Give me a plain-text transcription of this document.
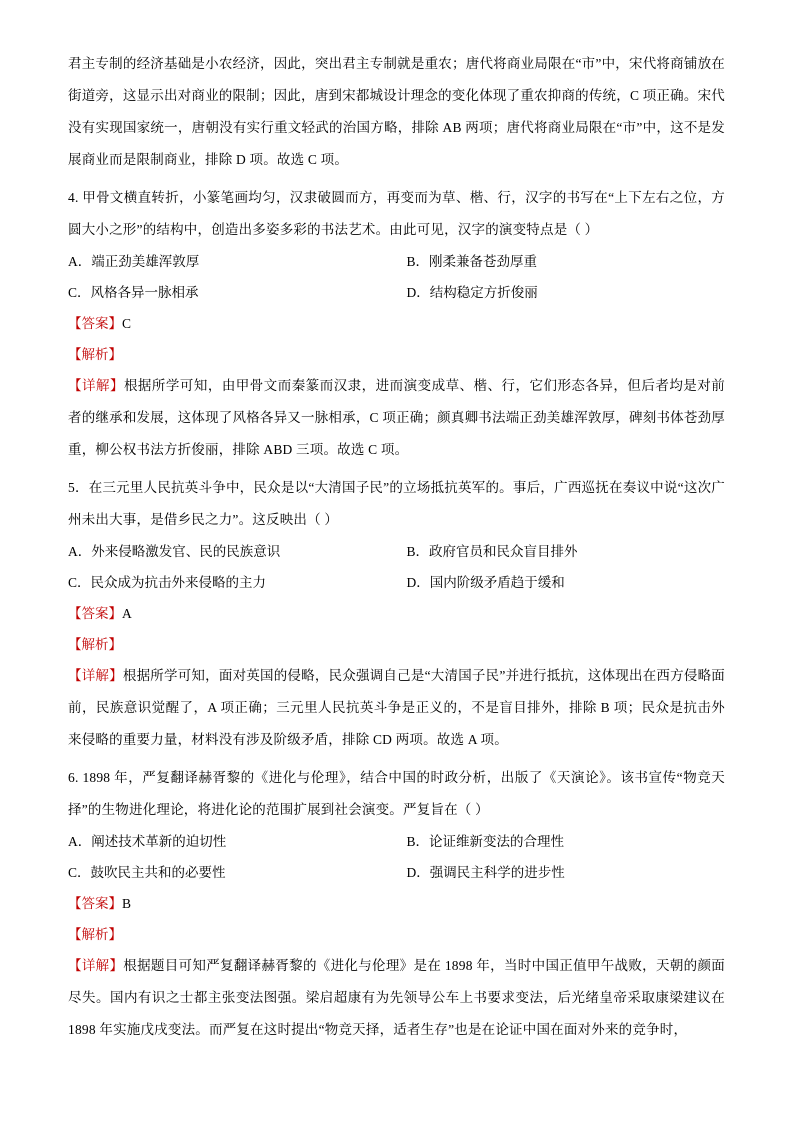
君主专制的经济基础是小农经济，因此，突出君主专制就是重农；唐代将商业局限在“市”中，宋代将商铺放在街道旁，这显示出对商业的限制；因此，唐到宋都城设计理念的变化体现了重农抑商的传统，C 项正确。宋代没有实现国家统一，唐朝没有实行重文轻武的治国方略，排除 AB 两项；唐代将商业局限在“市”中，这不是发展商业而是限制商业，排除 D 项。故选 C 项。

4. 甲骨文横直转折，小篆笔画均匀，汉隶破圆而方，再变而为草、楷、行，汉字的书写在“上下左右之位，方圆大小之形”的结构中，创造出多姿多彩的书法艺术。由此可见，汉字的演变特点是（ ）

A．端正劲美雄浑敦厚	B．刚柔兼备苍劲厚重
C．风格各异一脉相承	D．结构稳定方折俊丽
【答案】C
【解析】

【详解】根据所学可知，由甲骨文而秦篆而汉隶，进而演变成草、楷、行，它们形态各异，但后者均是对前者的继承和发展，这体现了风格各异又一脉相承，C 项正确；颜真卿书法端正劲美雄浑敦厚，碑刻书体苍劲厚重，柳公权书法方折俊丽，排除 ABD 三项。故选 C 项。

5．在三元里人民抗英斗争中，民众是以“大清国子民”的立场抵抗英军的。事后，广西巡抚在奏议中说“这次广州未出大事，是借乡民之力”。这反映出（ ）

A．外来侵略激发官、民的民族意识	B．政府官员和民众盲目排外
C．民众成为抗击外来侵略的主力	D．国内阶级矛盾趋于缓和
【答案】A
【解析】

【详解】根据所学可知，面对英国的侵略，民众强调自己是“大清国子民”并进行抵抗，这体现出在西方侵略面前，民族意识觉醒了，A 项正确；三元里人民抗英斗争是正义的，不是盲目排外，排除 B 项；民众是抗击外来侵略的重要力量，材料没有涉及阶级矛盾，排除 CD 两项。故选 A 项。

6. 1898 年，严复翻译赫胥黎的《进化与伦理》，结合中国的时政分析，出版了《天演论》。该书宣传“物竞天择”的生物进化理论，将进化论的范围扩展到社会演变。严复旨在（ ）

A．阐述技术革新的迫切性	B．论证维新变法的合理性
C．鼓吹民主共和的必要性	D．强调民主科学的进步性
【答案】B
【解析】

【详解】根据题目可知严复翻译赫胥黎的《进化与伦理》是在 1898 年，当时中国正值甲午战败，天朝的颜面尽失。国内有识之士都主张变法图强。梁启超康有为先领导公车上书要求变法，后光绪皇帝采取康梁建议在 1898 年实施戊戌变法。而严复在这时提出“物竞天择，适者生存”也是在论证中国在面对外来的竞争时，
